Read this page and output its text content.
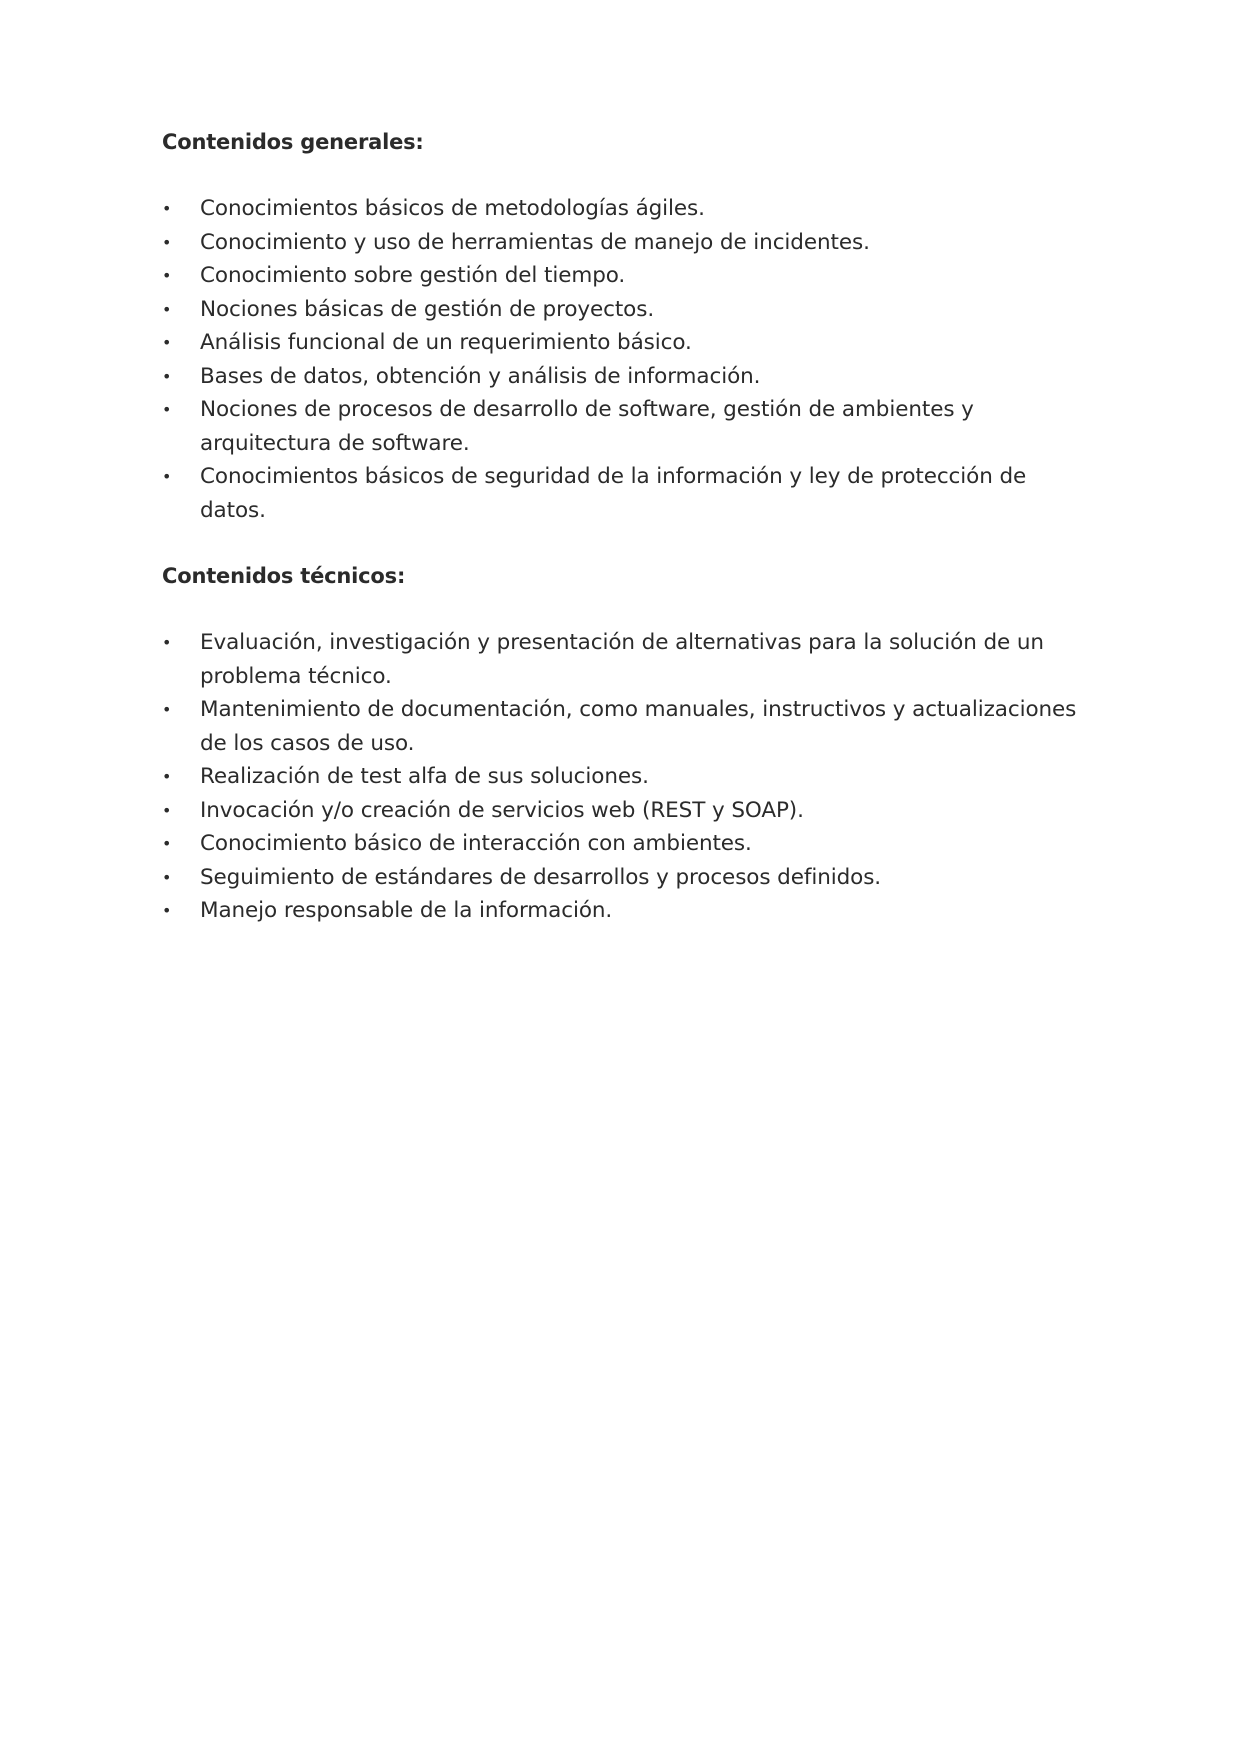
Contenidos generales:
•	Conocimientos básicos de metodologías ágiles.
•	Conocimiento y uso de herramientas de manejo de incidentes.
•	Conocimiento sobre gestión del tiempo.
•	Nociones básicas de gestión de proyectos.
•	Análisis funcional de un requerimiento básico.
•	Bases de datos, obtención y análisis de información.
•	Nociones de procesos de desarrollo de software, gestión de ambientes y arquitectura de software.
•	Conocimientos básicos de seguridad de la información y ley de protección de datos.
Contenidos técnicos:
•	Evaluación, investigación y presentación de alternativas para la solución de un problema técnico.
•	Mantenimiento de documentación, como manuales, instructivos y actualizaciones de los casos de uso.
•	Realización de test alfa de sus soluciones.
•	Invocación y/o creación de servicios web (REST y SOAP).
•	Conocimiento básico de interacción con ambientes.
•	Seguimiento de estándares de desarrollos y procesos definidos.
•	Manejo responsable de la información.
